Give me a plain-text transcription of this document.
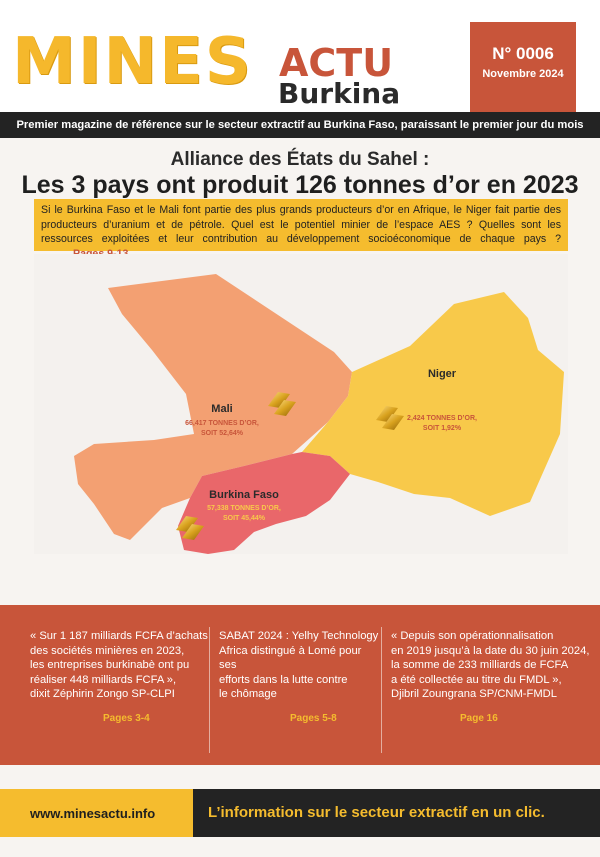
MINES ACTU
Burkina
N° 0006
Novembre 2024
Premier magazine de référence sur le secteur extractif au Burkina Faso, paraissant le premier jour du mois
Alliance des États du Sahel :
Les 3 pays ont produit 126 tonnes d’or en 2023
Si le Burkina Faso et le Mali font partie des plus grands producteurs d’or en Afrique, le Niger fait partie des producteurs d’uranium et de pétrole. Quel est le potentiel minier de l’espace AES ? Quelles sont les ressources exploitées et leur contribution au développement socioéconomique de chaque pays ?
Mali
66,417 TONNES D’OR,
SOIT 52,64%
Niger
2,424 TONNES D’OR,
SOIT 1,92%
Burkina Faso
57,338 TONNES D’OR,
SOIT 45,44%
« Sur 1 187 milliards FCFA d’achats
des sociétés minières en 2023,
les entreprises burkinabè ont pu
réaliser 448 milliards FCFA »,
dixit Zéphirin Zongo SP-CLPI
Pages 3-4
SABAT 2024 : Yelhy Technology
Africa distingué à Lomé pour ses
efforts dans la lutte contre
le chômage
Pages 5-8
« Depuis son opérationnalisation
en 2019 jusqu’à la date du 30 juin 2024,
la somme de 233 milliards de FCFA
a été collectée au titre du FMDL »,
Djibril Zoungrana SP/CNM-FMDL
Page 16
www.minesactu.info	L’information sur le secteur extractif en un clic.
